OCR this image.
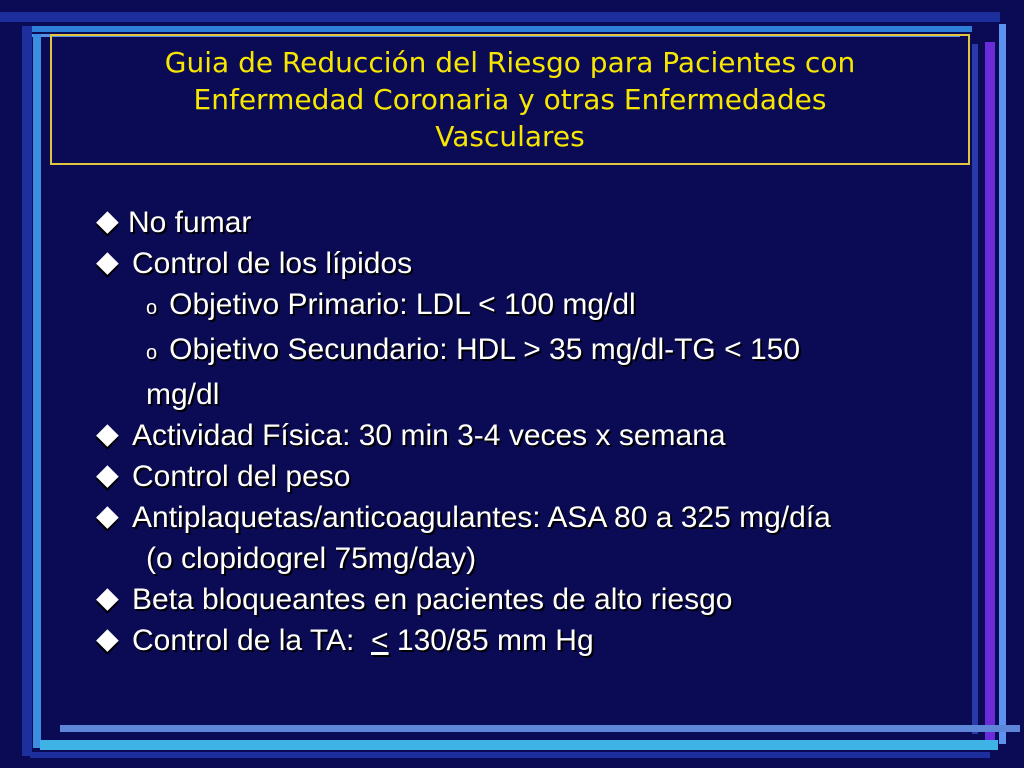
Guia de Reducción del Riesgo para Pacientes con
Enfermedad Coronaria y otras Enfermedades
Vasculares
No fumar
Control de los lípidos
o Objetivo Primario: LDL < 100 mg/dl
o Objetivo Secundario: HDL > 35 mg/dl-TG < 150
mg/dl
Actividad Física: 30 min 3-4 veces x semana
Control del peso
Antiplaquetas/anticoagulantes: ASA 80 a 325 mg/día
(o clopidogrel 75mg/day)
Beta bloqueantes en pacientes de alto riesgo
Control de la TA:  < 130/85 mm Hg
